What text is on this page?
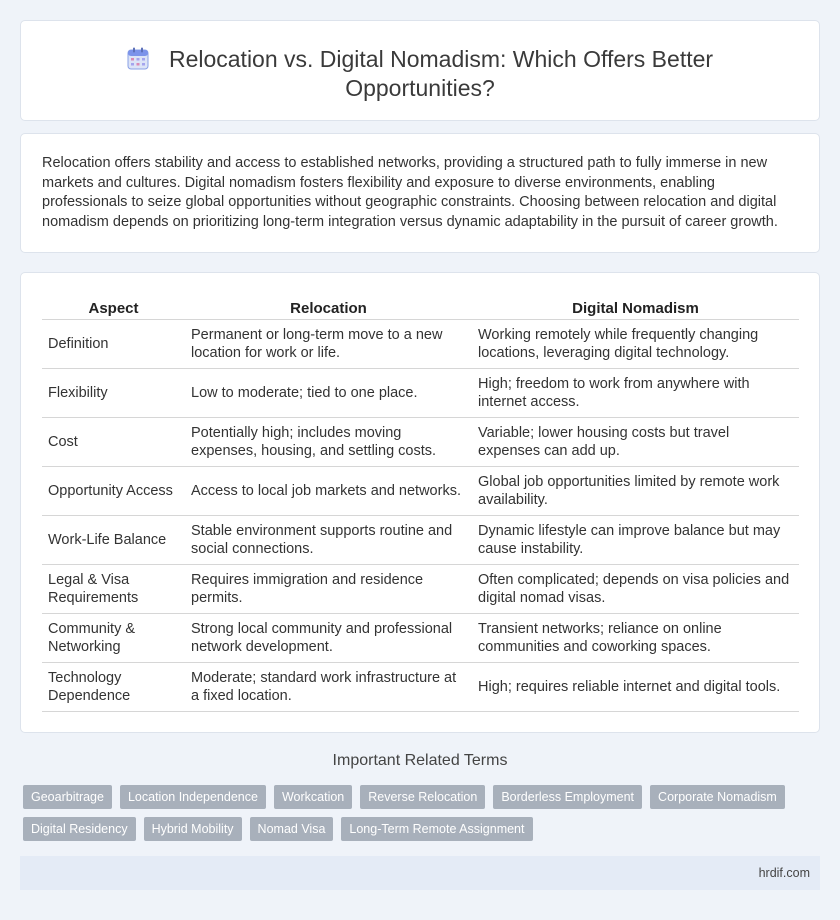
Relocation vs. Digital Nomadism: Which Offers Better
Opportunities?

Relocation offers stability and access to established networks, providing a structured path to fully immerse in new markets and cultures. Digital nomadism fosters flexibility and exposure to diverse environments, enabling professionals to seize global opportunities without geographic constraints. Choosing between relocation and digital nomadism depends on prioritizing long-term integration versus dynamic adaptability in the pursuit of career growth.

Aspect	Relocation	Digital Nomadism
Definition	Permanent or long-term move to a new location for work or life.	Working remotely while frequently changing locations, leveraging digital technology.
Flexibility	Low to moderate; tied to one place.	High; freedom to work from anywhere with internet access.
Cost	Potentially high; includes moving expenses, housing, and settling costs.	Variable; lower housing costs but travel expenses can add up.
Opportunity Access	Access to local job markets and networks.	Global job opportunities limited by remote work availability.
Work-Life Balance	Stable environment supports routine and social connections.	Dynamic lifestyle can improve balance but may cause instability.
Legal & Visa Requirements	Requires immigration and residence permits.	Often complicated; depends on visa policies and digital nomad visas.
Community & Networking	Strong local community and professional network development.	Transient networks; reliance on online communities and coworking spaces.
Technology Dependence	Moderate; standard work infrastructure at a fixed location.	High; requires reliable internet and digital tools.
Important Related Terms
Geoarbitrage	Location Independence	Workcation	Reverse Relocation	Borderless Employment	Corporate Nomadism
Digital Residency	Hybrid Mobility	Nomad Visa	Long-Term Remote Assignment
hrdif.com
